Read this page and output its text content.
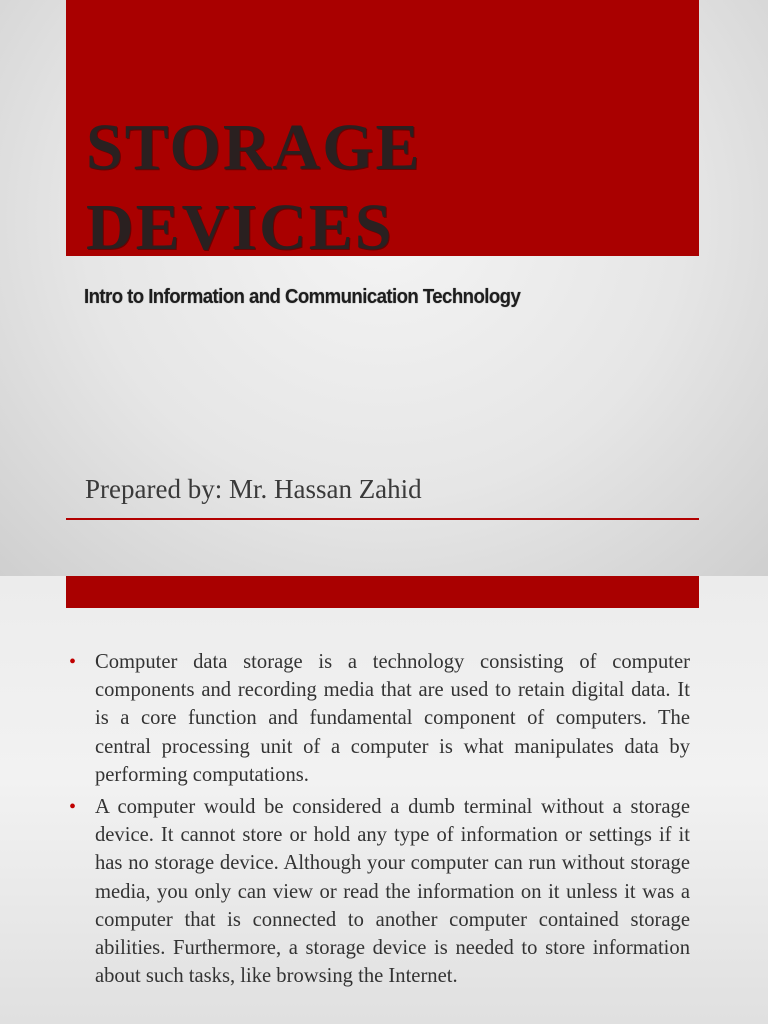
STORAGE
DEVICES

Intro to Information and Communication Technology

Prepared by: Mr. Hassan Zahid

• Computer data storage is a technology consisting of computer components and recording media that are used to retain digital data. It is a core function and fundamental component of computers. The central processing unit of a computer is what manipulates data by performing computations.
• A computer would be considered a dumb terminal without a storage device. It cannot store or hold any type of information or settings if it has no storage device. Although your computer can run without storage media, you only can view or read the information on it unless it was a computer that is connected to another computer contained storage abilities. Furthermore, a storage device is needed to store information about such tasks, like browsing the Internet.
